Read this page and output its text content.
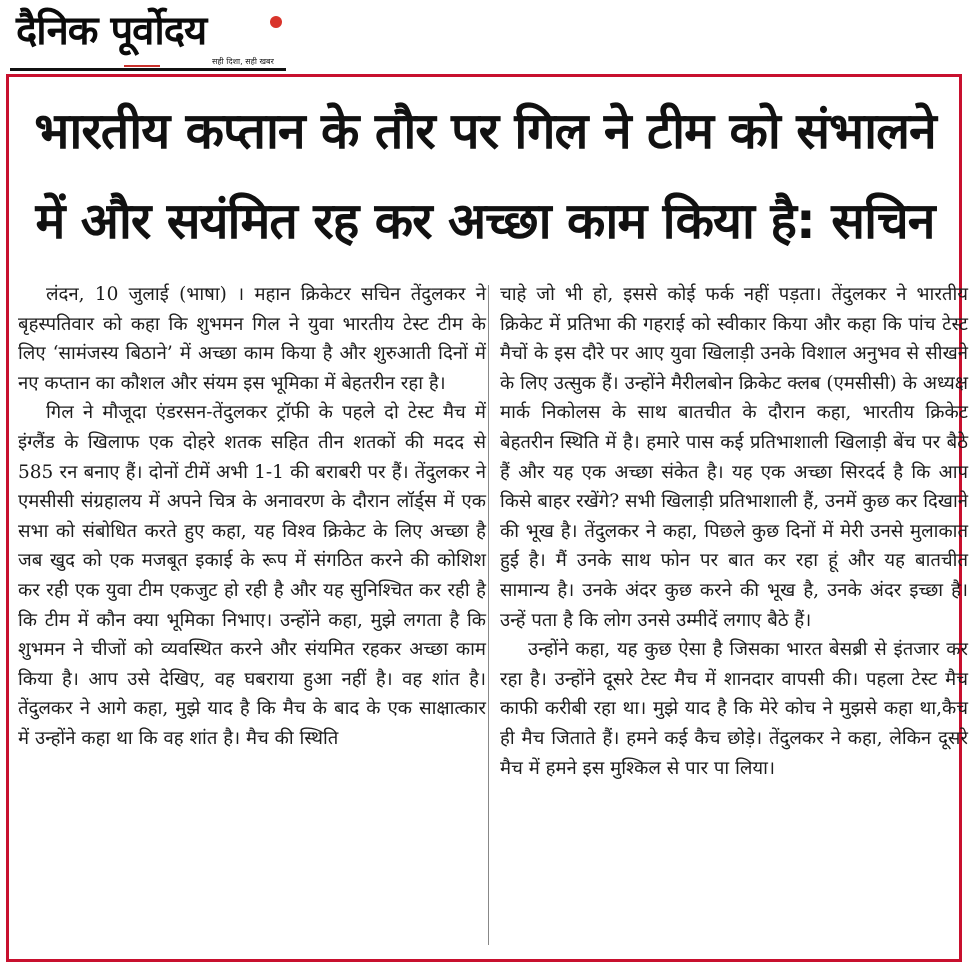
दैनिक पूर्वोदय
सही दिशा, सही खबर
भारतीय कप्तान के तौर पर गिल ने टीम को संभालने में और सयंमित रह कर अच्छा काम किया है: सचिन

लंदन, 10 जुलाई (भाषा) । महान क्रिकेटर सचिन तेंदुलकर ने बृहस्पतिवार को कहा कि शुभमन गिल ने युवा भारतीय टेस्ट टीम के लिए ‘सामंजस्य बिठाने’ में अच्छा काम किया है और शुरुआती दिनों में नए कप्तान का कौशल और संयम इस भूमिका में बेहतरीन रहा है।

गिल ने मौजूदा एंडरसन-तेंदुलकर ट्रॉफी के पहले दो टेस्ट मैच में इंग्लैंड के खिलाफ एक दोहरे शतक सहित तीन शतकों की मदद से 585 रन बनाए हैं। दोनों टीमें अभी 1-1 की बराबरी पर हैं। तेंदुलकर ने एमसीसी संग्रहालय में अपने चित्र के अनावरण के दौरान लॉर्ड्स में एक सभा को संबोधित करते हुए कहा, यह विश्व क्रिकेट के लिए अच्छा है जब खुद को एक मजबूत इकाई के रूप में संगठित करने की कोशिश कर रही एक युवा टीम एकजुट हो रही है और यह सुनिश्चित कर रही है कि टीम में कौन क्या भूमिका निभाए। उन्होंने कहा, मुझे लगता है कि शुभमन ने चीजों को व्यवस्थित करने और संयमित रहकर अच्छा काम किया है। आप उसे देखिए, वह घबराया हुआ नहीं है। वह शांत है। तेंदुलकर ने आगे कहा, मुझे याद है कि मैच के बाद के एक साक्षात्कार में उन्होंने कहा था कि वह शांत है। मैच की स्थिति

चाहे जो भी हो, इससे कोई फर्क नहीं पड़ता। तेंदुलकर ने भारतीय क्रिकेट में प्रतिभा की गहराई को स्वीकार किया और कहा कि पांच टेस्ट मैचों के इस दौरे पर आए युवा खिलाड़ी उनके विशाल अनुभव से सीखने के लिए उत्सुक हैं। उन्होंने मैरीलबोन क्रिकेट क्लब (एमसीसी) के अध्यक्ष मार्क निकोलस के साथ बातचीत के दौरान कहा, भारतीय क्रिकेट बेहतरीन स्थिति में है। हमारे पास कई प्रतिभाशाली खिलाड़ी बेंच पर बैठे हैं और यह एक अच्छा संकेत है। यह एक अच्छा सिरदर्द है कि आप किसे बाहर रखेंगे? सभी खिलाड़ी प्रतिभाशाली हैं, उनमें कुछ कर दिखाने की भूख है। तेंदुलकर ने कहा, पिछले कुछ दिनों में मेरी उनसे मुलाकात हुई है। मैं उनके साथ फोन पर बात कर रहा हूं और यह बातचीत सामान्य है। उनके अंदर कुछ करने की भूख है, उनके अंदर इच्छा है। उन्हें पता है कि लोग उनसे उम्मीदें लगाए बैठे हैं।

उन्होंने कहा, यह कुछ ऐसा है जिसका भारत बेसब्री से इंतजार कर रहा है। उन्होंने दूसरे टेस्ट मैच में शानदार वापसी की। पहला टेस्ट मैच काफी करीबी रहा था। मुझे याद है कि मेरे कोच ने मुझसे कहा था,कैच ही मैच जिताते हैं। हमने कई कैच छोड़े। तेंदुलकर ने कहा, लेकिन दूसरे मैच में हमने इस मुश्किल से पार पा लिया।
